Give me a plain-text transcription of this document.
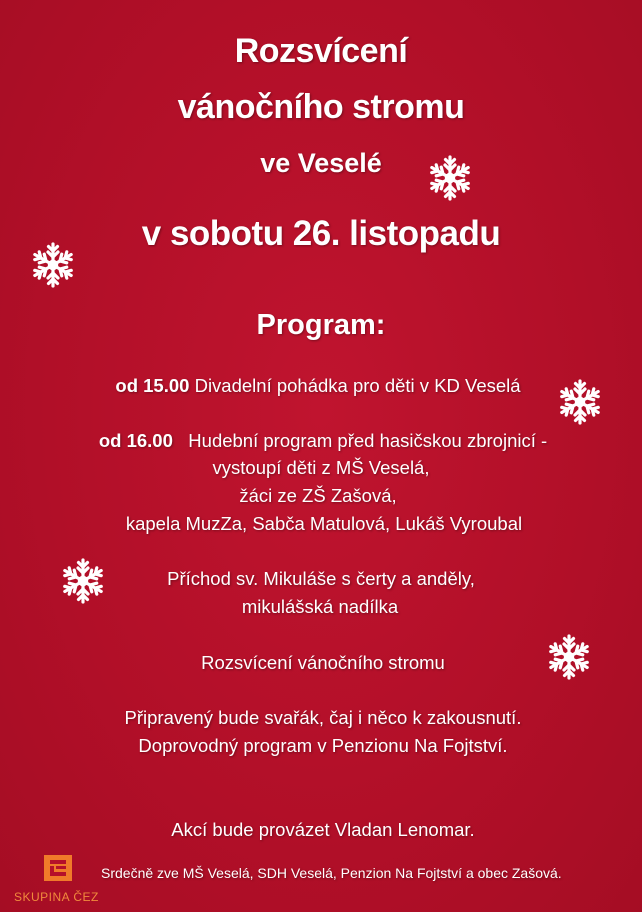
Rozsvícení
vánočního stromu
ve Veselé
v sobotu 26. listopadu
Program:
od 15.00 Divadelní pohádka pro děti v KD Veselá
od 16.00   Hudební program před hasičskou zbrojnicí -
vystoupí děti z MŠ Veselá,
žáci ze ZŠ Zašová,
kapela MuzZa, Sabča Matulová, Lukáš Vyroubal
Příchod sv. Mikuláše s čerty a anděly,
mikulášská nadílka
Rozsvícení vánočního stromu
Připravený bude svařák, čaj i něco k zakousnutí.
Doprovodný program v Penzionu Na Fojtství.
Akcí bude provázet Vladan Lenomar.
Srdečně zve MŠ Veselá, SDH Veselá, Penzion Na Fojtství a obec Zašová.
SKUPINA ČEZ
